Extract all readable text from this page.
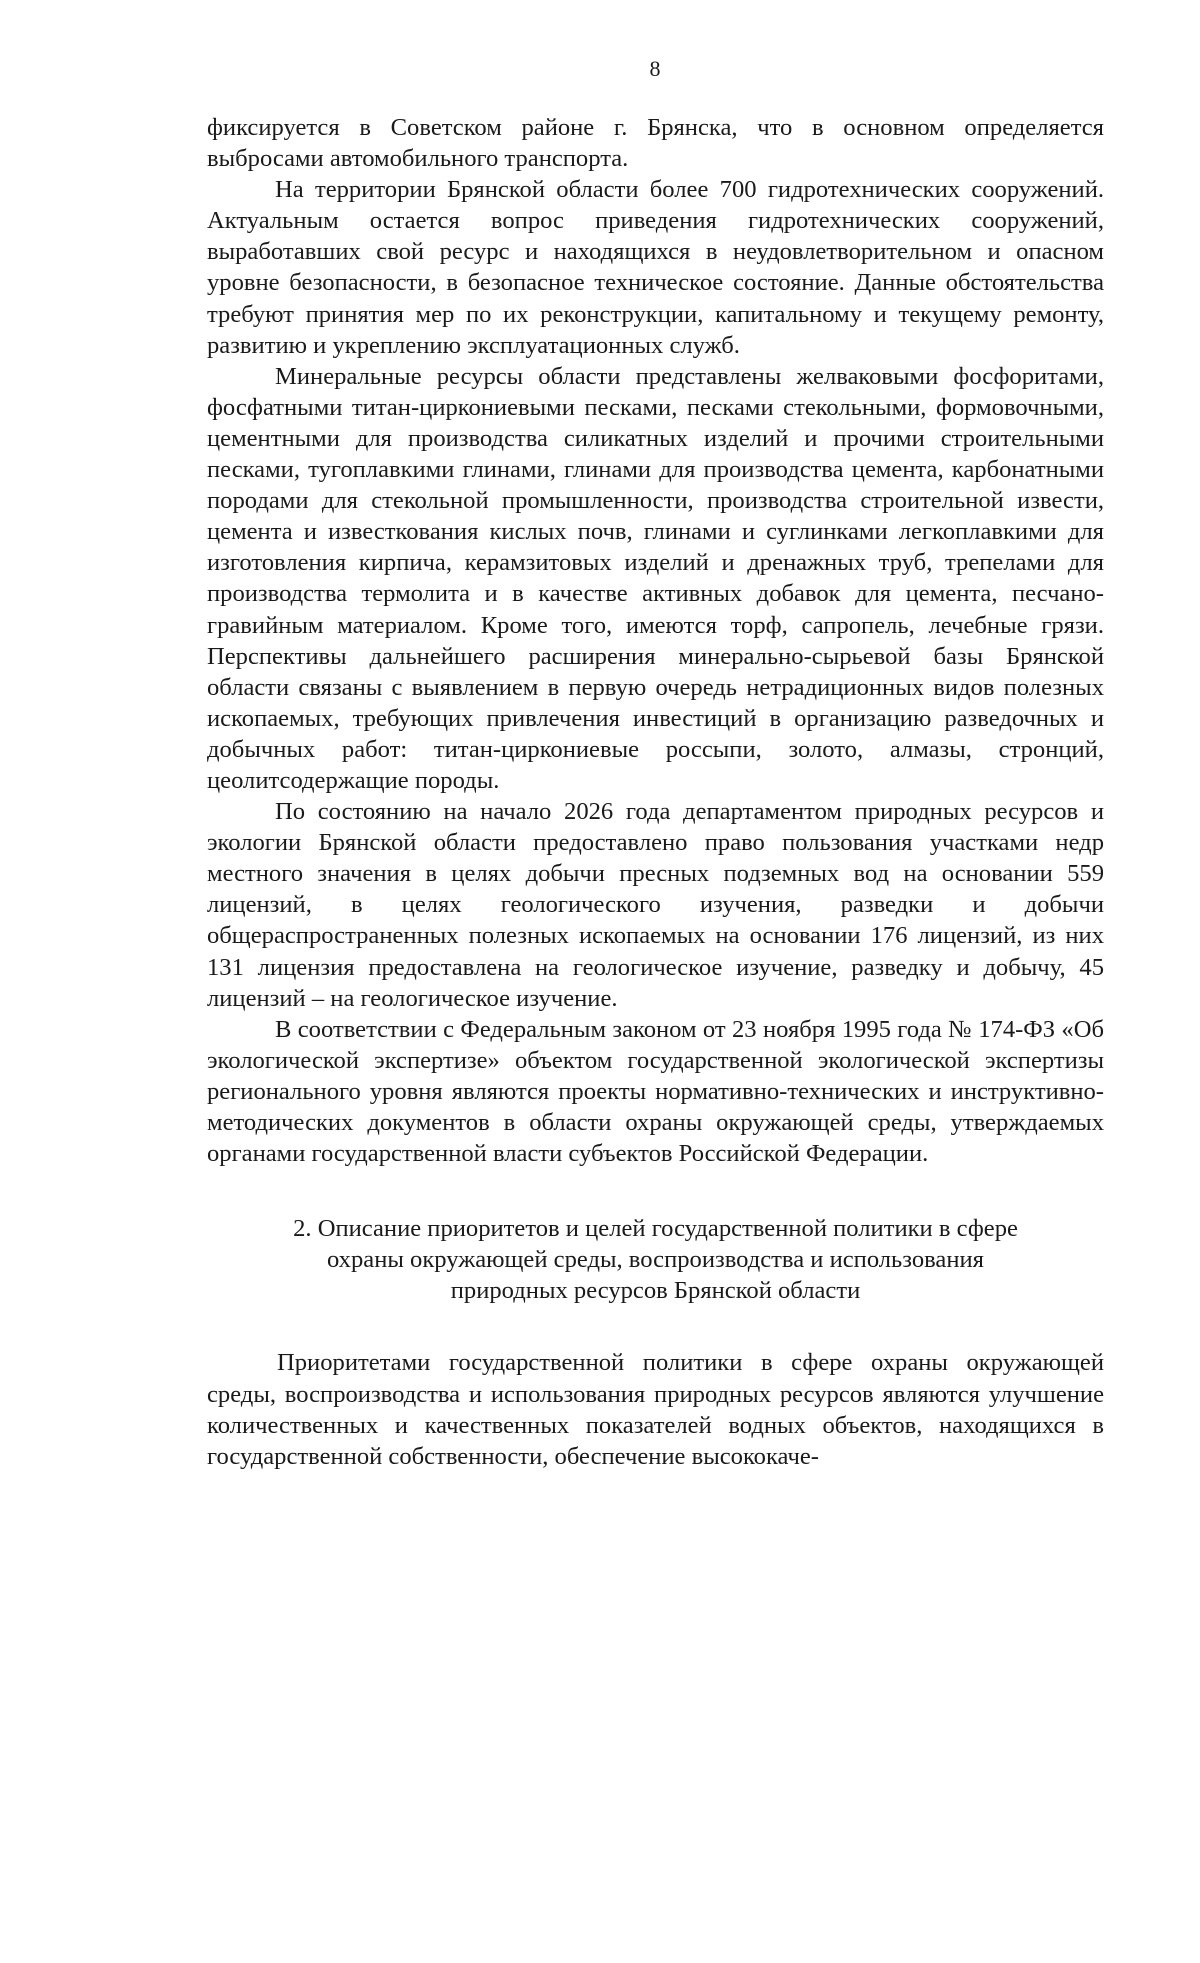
8

фиксируется в Советском районе г. Брянска, что в основном определяется выбросами автомобильного транспорта.

На территории Брянской области более 700 гидротехнических сооружений. Актуальным остается вопрос приведения гидротехнических сооружений, выработавших свой ресурс и находящихся в неудовлетворительном и опасном уровне безопасности, в безопасное техническое состояние. Данные обстоятельства требуют принятия мер по их реконструкции, капитальному и текущему ремонту, развитию и укреплению эксплуатационных служб.

Минеральные ресурсы области представлены желваковыми фосфоритами, фосфатными титан-циркониевыми песками, песками стекольными, формовочными, цементными для производства силикатных изделий и прочими строительными песками, тугоплавкими глинами, глинами для производства цемента, карбонатными породами для стекольной промышленности, производства строительной извести, цемента и известкования кислых почв, глинами и суглинками легкоплавкими для изготовления кирпича, керамзитовых изделий и дренажных труб, трепелами для производства термолита и в качестве активных добавок для цемента, песчано-гравийным материалом. Кроме того, имеются торф, сапропель, лечебные грязи. Перспективы дальнейшего расширения минерально-сырьевой базы Брянской области связаны с выявлением в первую очередь нетрадиционных видов полезных ископаемых, требующих привлечения инвестиций в организацию разведочных и добычных работ: титан-циркониевые россыпи, золото, алмазы, стронций, цеолитсодержащие породы.

По состоянию на начало 2026 года департаментом природных ресурсов и экологии Брянской области предоставлено право пользования участками недр местного значения в целях добычи пресных подземных вод на основании 559 лицензий, в целях геологического изучения, разведки и добычи общераспространенных полезных ископаемых на основании 176 лицензий, из них 131 лицензия предоставлена на геологическое изучение, разведку и добычу, 45 лицензий – на геологическое изучение.

В соответствии с Федеральным законом от 23 ноября 1995 года № 174-ФЗ «Об экологической экспертизе» объектом государственной экологической экспертизы регионального уровня являются проекты нормативно-технических и инструктивно-методических документов в области охраны окружающей среды, утверждаемых органами государственной власти субъектов Российской Федерации.

2. Описание приоритетов и целей государственной политики в сфере
охраны окружающей среды, воспроизводства и использования
природных ресурсов Брянской области

Приоритетами государственной политики в сфере охраны окружающей среды, воспроизводства и использования природных ресурсов являются улучшение количественных и качественных показателей водных объектов, находящихся в государственной собственности, обеспечение высококаче-
